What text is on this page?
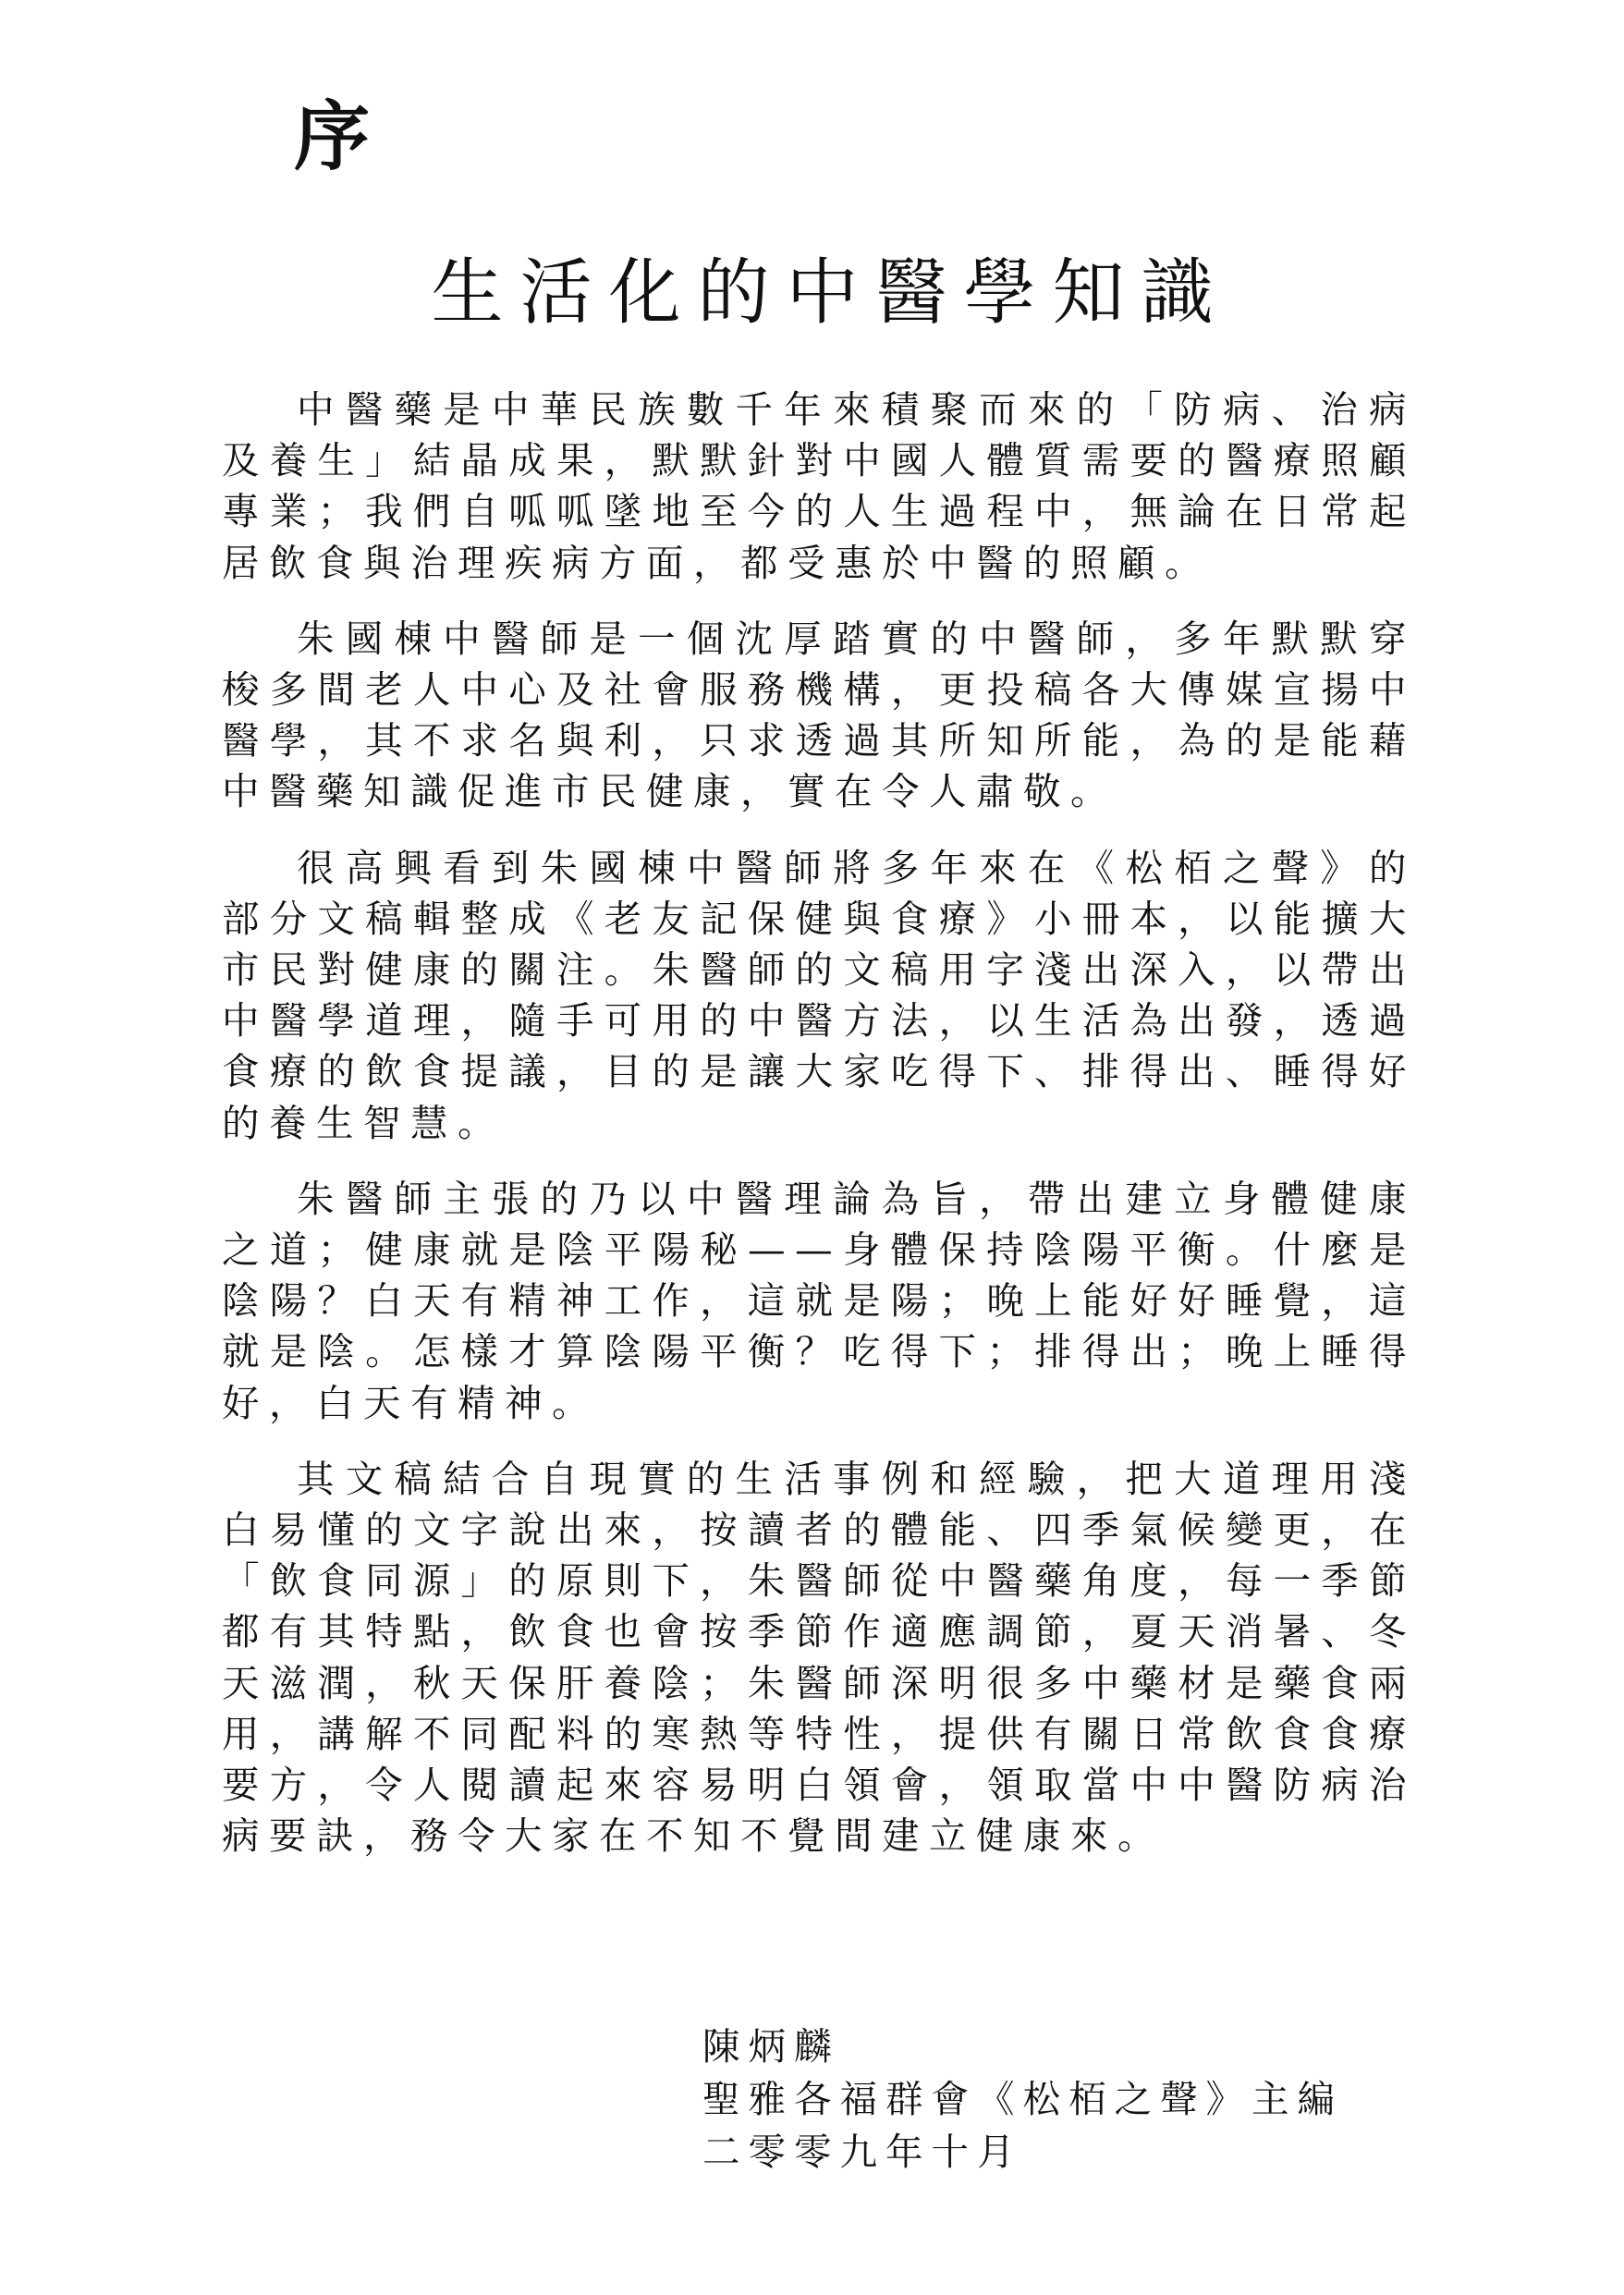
序
生活化的中醫學知識

中醫藥是中華民族數千年來積聚而來的「防病、治病及養生」結晶成果，默默針對中國人體質需要的醫療照顧專業；我們自呱呱墜地至今的人生過程中，無論在日常起居飲食與治理疾病方面，都受惠於中醫的照顧。

朱國棟中醫師是一個沈厚踏實的中醫師，多年默默穿梭多間老人中心及社會服務機構，更投稿各大傳媒宣揚中醫學，其不求名與利，只求透過其所知所能，為的是能藉中醫藥知識促進市民健康，實在令人肅敬。

很高興看到朱國棟中醫師將多年來在《松栢之聲》的部分文稿輯整成《老友記保健與食療》小冊本，以能擴大市民對健康的關注。朱醫師的文稿用字淺出深入，以帶出中醫學道理，隨手可用的中醫方法，以生活為出發，透過食療的飲食提議，目的是讓大家吃得下、排得出、睡得好的養生智慧。

朱醫師主張的乃以中醫理論為旨，帶出建立身體健康之道；健康就是陰平陽秘——身體保持陰陽平衡。什麼是陰陽？白天有精神工作，這就是陽；晚上能好好睡覺，這就是陰。怎樣才算陰陽平衡？吃得下；排得出；晚上睡得好，白天有精神。

其文稿結合自現實的生活事例和經驗，把大道理用淺白易懂的文字說出來，按讀者的體能、四季氣候變更，在「飲食同源」的原則下，朱醫師從中醫藥角度，每一季節都有其特點，飲食也會按季節作適應調節，夏天消暑、冬天滋潤，秋天保肝養陰；朱醫師深明很多中藥材是藥食兩用，講解不同配料的寒熱等特性，提供有關日常飲食食療要方，令人閱讀起來容易明白領會，領取當中中醫防病治病要訣，務令大家在不知不覺間建立健康來。

陳炳麟
聖雅各福群會《松栢之聲》主編
二零零九年十月
